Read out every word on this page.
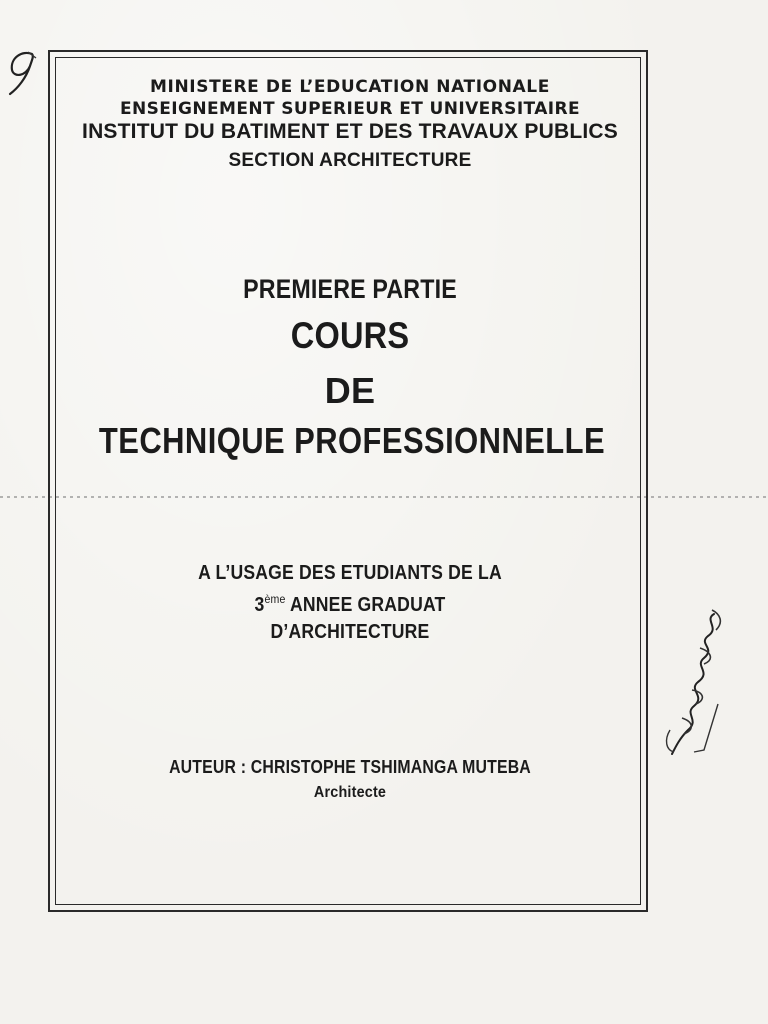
MINISTERE DE L’EDUCATION NATIONALE
ENSEIGNEMENT SUPERIEUR ET UNIVERSITAIRE
INSTITUT DU BATIMENT ET DES TRAVAUX PUBLICS
SECTION ARCHITECTURE
PREMIERE PARTIE
COURS
DE
TECHNIQUE PROFESSIONNELLE
A L’USAGE DES ETUDIANTS DE LA
3ème ANNEE GRADUAT
D’ARCHITECTURE
AUTEUR : CHRISTOPHE TSHIMANGA MUTEBA
Architecte
